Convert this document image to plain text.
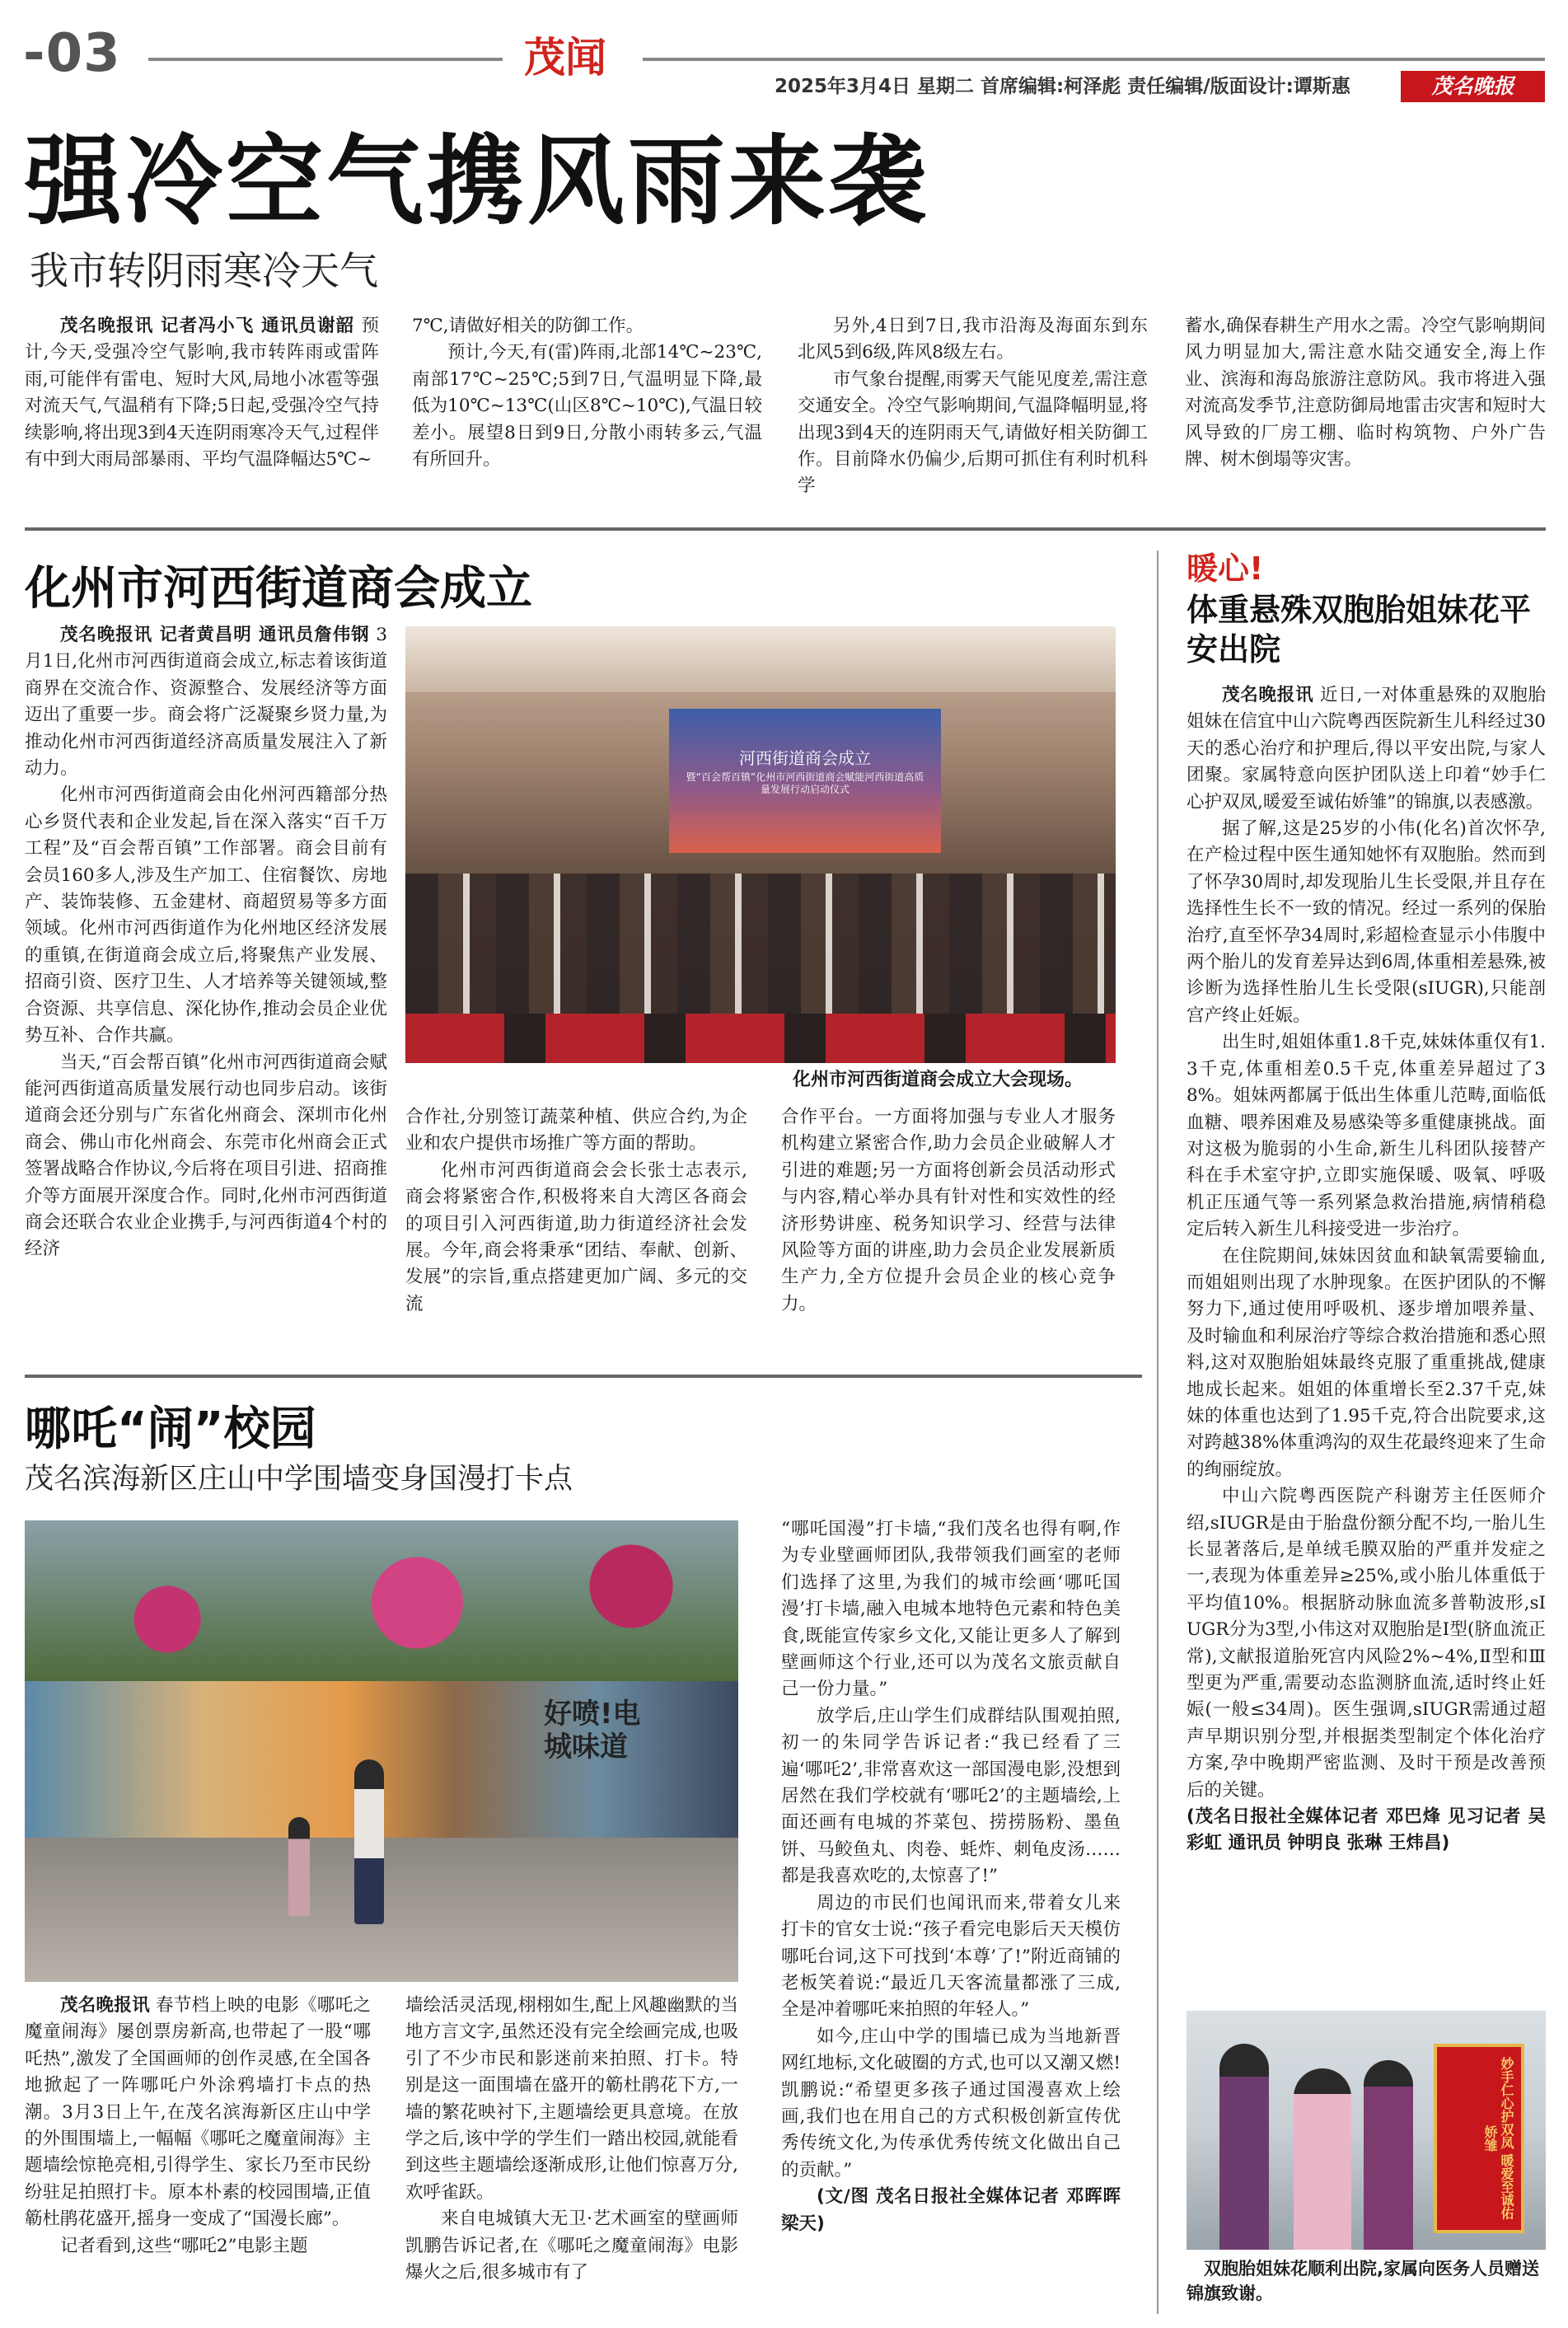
-03	茂闻
2025年3月4日 星期二 首席编辑:柯泽彪 责任编辑/版面设计:谭斯惠	茂名晚报
强冷空气携风雨来袭
我市转阴雨寒冷天气

茂名晚报讯 记者冯小飞 通讯员谢韶 预计,今天,受强冷空气影响,我市转阵雨或雷阵雨,可能伴有雷电、短时大风,局地小冰雹等强对流天气,气温稍有下降;5日起,受强冷空气持续影响,将出现3到4天连阴雨寒冷天气,过程伴有中到大雨局部暴雨、平均气温降幅达5℃~

7℃,请做好相关的防御工作。

预计,今天,有(雷)阵雨,北部14℃~23℃,南部17℃~25℃;5到7日,气温明显下降,最低为10℃~13℃(山区8℃~10℃),气温日较差小。展望8日到9日,分散小雨转多云,气温有所回升。

另外,4日到7日,我市沿海及海面东到东北风5到6级,阵风8级左右。

市气象台提醒,雨雾天气能见度差,需注意交通安全。冷空气影响期间,气温降幅明显,将出现3到4天的连阴雨天气,请做好相关防御工作。目前降水仍偏少,后期可抓住有利时机科学

蓄水,确保春耕生产用水之需。冷空气影响期间风力明显加大,需注意水陆交通安全,海上作业、滨海和海岛旅游注意防风。我市将进入强对流高发季节,注意防御局地雷击灾害和短时大风导致的厂房工棚、临时构筑物、户外广告牌、树木倒塌等灾害。

化州市河西街道商会成立

茂名晚报讯 记者黄昌明 通讯员詹伟钢 3月1日,化州市河西街道商会成立,标志着该街道商界在交流合作、资源整合、发展经济等方面迈出了重要一步。商会将广泛凝聚乡贤力量,为推动化州市河西街道经济高质量发展注入了新动力。

化州市河西街道商会由化州河西籍部分热心乡贤代表和企业发起,旨在深入落实“百千万工程”及“百会帮百镇”工作部署。商会目前有会员160多人,涉及生产加工、住宿餐饮、房地产、装饰装修、五金建材、商超贸易等多方面领域。化州市河西街道作为化州地区经济发展的重镇,在街道商会成立后,将聚焦产业发展、招商引资、医疗卫生、人才培养等关键领域,整合资源、共享信息、深化协作,推动会员企业优势互补、合作共赢。

当天,“百会帮百镇”化州市河西街道商会赋能河西街道高质量发展行动也同步启动。该街道商会还分别与广东省化州商会、深圳市化州商会、佛山市化州商会、东莞市化州商会正式签署战略合作协议,今后将在项目引进、招商推介等方面展开深度合作。同时,化州市河西街道商会还联合农业企业携手,与河西街道4个村的经济

河西街道商会成立
暨“百会帮百镇”化州市河西街道商会赋能河西街道高质量发展行动启动仪式
化州市河西街道商会成立大会现场。

合作社,分别签订蔬菜种植、供应合约,为企业和农户提供市场推广等方面的帮助。

化州市河西街道商会会长张士志表示,商会将紧密合作,积极将来自大湾区各商会的项目引入河西街道,助力街道经济社会发展。今年,商会将秉承“团结、奉献、创新、发展”的宗旨,重点搭建更加广阔、多元的交流

合作平台。一方面将加强与专业人才服务机构建立紧密合作,助力会员企业破解人才引进的难题;另一方面将创新会员活动形式与内容,精心举办具有针对性和实效性的经济形势讲座、税务知识学习、经营与法律风险等方面的讲座,助力会员企业发展新质生产力,全方位提升会员企业的核心竞争力。

哪吒“闹”校园
茂名滨海新区庄山中学围墙变身国漫打卡点
好喷!电城味道

茂名晚报讯 春节档上映的电影《哪吒之魔童闹海》屡创票房新高,也带起了一股“哪吒热”,激发了全国画师的创作灵感,在全国各地掀起了一阵哪吒户外涂鸦墙打卡点的热潮。3月3日上午,在茂名滨海新区庄山中学的外围围墙上,一幅幅《哪吒之魔童闹海》主题墙绘惊艳亮相,引得学生、家长乃至市民纷纷驻足拍照打卡。原本朴素的校园围墙,正值簕杜鹃花盛开,摇身一变成了“国漫长廊”。

记者看到,这些“哪吒2”电影主题

墙绘活灵活现,栩栩如生,配上风趣幽默的当地方言文字,虽然还没有完全绘画完成,也吸引了不少市民和影迷前来拍照、打卡。特别是这一面围墙在盛开的簕杜鹃花下方,一墙的繁花映衬下,主题墙绘更具意境。在放学之后,该中学的学生们一踏出校园,就能看到这些主题墙绘逐渐成形,让他们惊喜万分,欢呼雀跃。

来自电城镇大无卫·艺术画室的壁画师凯鹏告诉记者,在《哪吒之魔童闹海》电影爆火之后,很多城市有了

“哪吒国漫”打卡墙,“我们茂名也得有啊,作为专业壁画师团队,我带领我们画室的老师们选择了这里,为我们的城市绘画‘哪吒国漫’打卡墙,融入电城本地特色元素和特色美食,既能宣传家乡文化,又能让更多人了解到壁画师这个行业,还可以为茂名文旅贡献自己一份力量。”

放学后,庄山学生们成群结队围观拍照,初一的朱同学告诉记者:“我已经看了三遍‘哪吒2’,非常喜欢这一部国漫电影,没想到居然在我们学校就有‘哪吒2’的主题墙绘,上面还画有电城的芥菜包、捞捞肠粉、墨鱼饼、马鲛鱼丸、肉卷、蚝炸、刺龟皮汤……都是我喜欢吃的,太惊喜了!”

周边的市民们也闻讯而来,带着女儿来打卡的官女士说:“孩子看完电影后天天模仿哪吒台词,这下可找到‘本尊’了!”附近商铺的老板笑着说:“最近几天客流量都涨了三成,全是冲着哪吒来拍照的年轻人。”

如今,庄山中学的围墙已成为当地新晋网红地标,文化破圈的方式,也可以又潮又燃!凯鹏说:“希望更多孩子通过国漫喜欢上绘画,我们也在用自己的方式积极创新宣传优秀传统文化,为传承优秀传统文化做出自己的贡献。”

(文/图 茂名日报社全媒体记者 邓晖晖 梁天)

暖心!
体重悬殊双胞胎姐妹花平安出院

茂名晚报讯 近日,一对体重悬殊的双胞胎姐妹在信宜中山六院粤西医院新生儿科经过30天的悉心治疗和护理后,得以平安出院,与家人团聚。家属特意向医护团队送上印着“妙手仁心护双凤,暖爱至诚佑娇雏”的锦旗,以表感激。

据了解,这是25岁的小伟(化名)首次怀孕,在产检过程中医生通知她怀有双胞胎。然而到了怀孕30周时,却发现胎儿生长受限,并且存在选择性生长不一致的情况。经过一系列的保胎治疗,直至怀孕34周时,彩超检查显示小伟腹中两个胎儿的发育差异达到6周,体重相差悬殊,被诊断为选择性胎儿生长受限(sIUGR),只能剖宫产终止妊娠。

出生时,姐姐体重1.8千克,妹妹体重仅有1.3千克,体重相差0.5千克,体重差异超过了38%。姐妹两都属于低出生体重儿范畴,面临低血糖、喂养困难及易感染等多重健康挑战。面对这极为脆弱的小生命,新生儿科团队接替产科在手术室守护,立即实施保暖、吸氧、呼吸机正压通气等一系列紧急救治措施,病情稍稳定后转入新生儿科接受进一步治疗。

在住院期间,妹妹因贫血和缺氧需要输血,而姐姐则出现了水肿现象。在医护团队的不懈努力下,通过使用呼吸机、逐步增加喂养量、及时输血和利尿治疗等综合救治措施和悉心照料,这对双胞胎姐妹最终克服了重重挑战,健康地成长起来。姐姐的体重增长至2.37千克,妹妹的体重也达到了1.95千克,符合出院要求,这对跨越38%体重鸿沟的双生花最终迎来了生命的绚丽绽放。

中山六院粤西医院产科谢芳主任医师介绍,sIUGR是由于胎盘份额分配不均,一胎儿生长显著落后,是单绒毛膜双胎的严重并发症之一,表现为体重差异≥25%,或小胎儿体重低于平均值10%。根据脐动脉血流多普勒波形,sIUGR分为3型,小伟这对双胞胎是Ⅰ型(脐血流正常),文献报道胎死宫内风险2%~4%,Ⅱ型和Ⅲ型更为严重,需要动态监测脐血流,适时终止妊娠(一般≤34周)。医生强调,sIUGR需通过超声早期识别分型,并根据类型制定个体化治疗方案,孕中晚期严密监测、及时干预是改善预后的关键。

(茂名日报社全媒体记者 邓巴烽 见习记者 吴彩虹 通讯员 钟明良 张琳 王炜昌)

妙手仁心护双凤 暖爱至诚佑娇雏
双胞胎姐妹花顺利出院,家属向医务人员赠送锦旗致谢。
